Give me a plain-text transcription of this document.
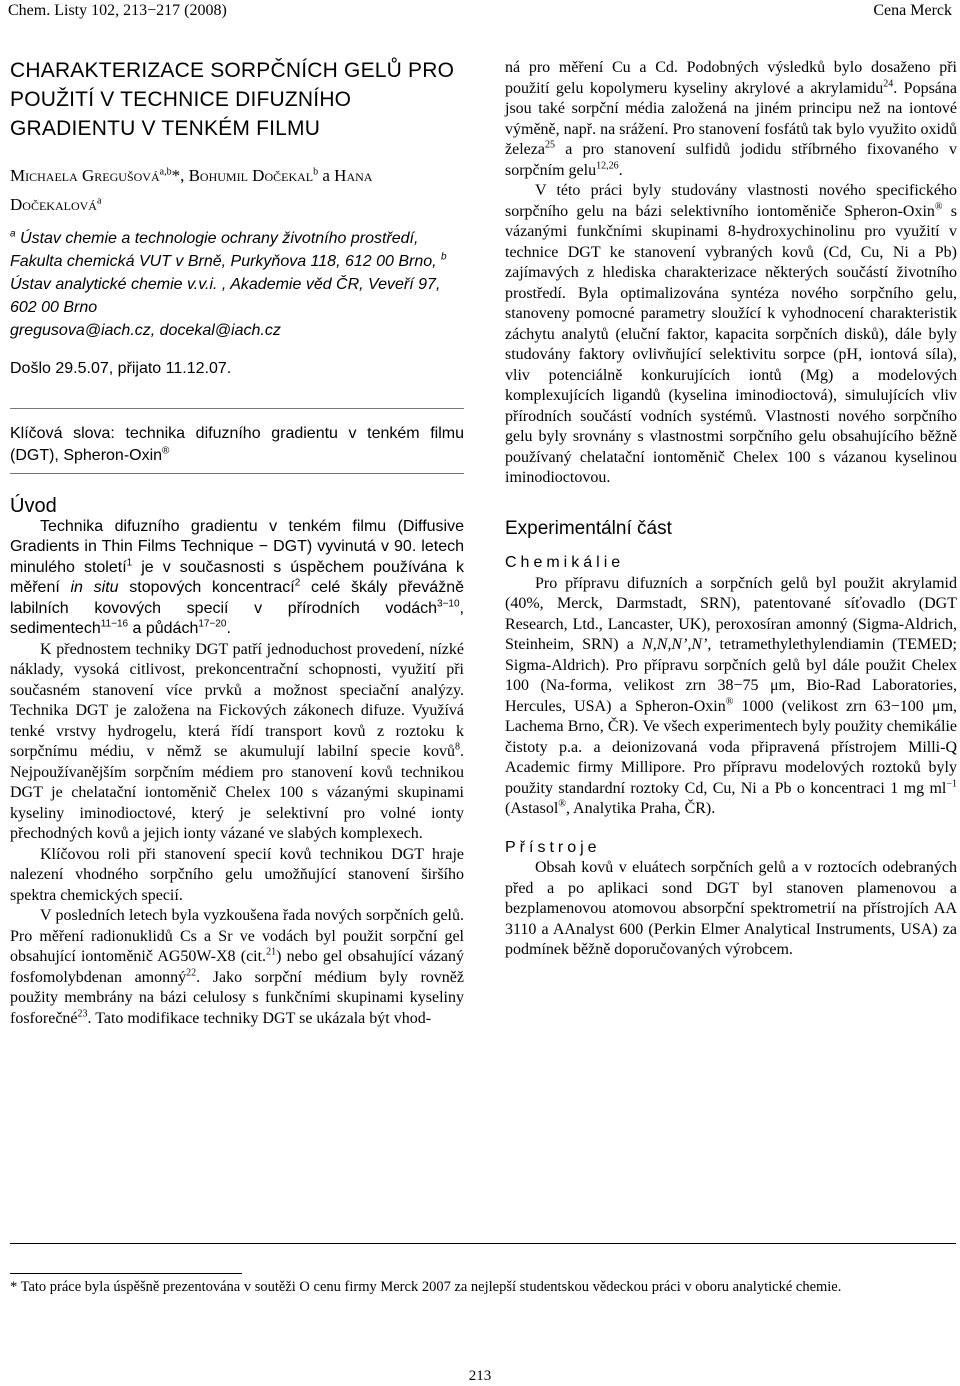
Chem. Listy 102, 213−217 (2008)	Cena Merck
CHARAKTERIZACE SORPČNÍCH GELŮ PRO POUŽITÍ V TECHNICE DIFUZNÍHO GRADIENTU V TENKÉM FILMU
Michaela Gregušová$^{a,b}$*, Bohumil Dočekal$^b$ a Hana Dočekalová$^a$

$^a$ Ústav chemie a technologie ochrany životního prostředí, Fakulta chemická VUT v Brně, Purkyňova 118, 612 00 Brno, $^b$ Ústav analytické chemie v.v.i. , Akademie věd ČR, Veveří 97, 602 00 Brno
gregusova@iach.cz, docekal@iach.cz

Došlo 29.5.07, přijato 11.12.07.
Klíčová slova: technika difuzního gradientu v tenkém filmu (DGT), Spheron-Oxin®
Úvod

Technika difuzního gradientu v tenkém filmu (Diffusive Gradients in Thin Films Technique − DGT) vyvinutá v 90. letech minulého století$^1$ je v současnosti s úspěchem používána k měření in situ stopových koncentrací$^2$ celé škály převážně labilních kovových specií v přírodních vodách$^{3-10}$, sedimentech$^{11-16}$ a půdách$^{17-20}$.

K přednostem techniky DGT patří jednoduchost provedení, nízké náklady, vysoká citlivost, prekoncentrační schopnosti, využití při současném stanovení více prvků a možnost speciační analýzy. Technika DGT je založena na Fickových zákonech difuze. Využívá tenké vrstvy hydrogelu, která řídí transport kovů z roztoku k sorpčnímu médiu, v němž se akumulují labilní specie kovů$^8$. Nejpoužívanějším sorpčním médiem pro stanovení kovů technikou DGT je chelatační iontoměnič Chelex 100 s vázanými skupinami kyseliny iminodioctové, který je selektivní pro volné ionty přechodných kovů a jejich ionty vázané ve slabých komplexech.

Klíčovou roli při stanovení specií kovů technikou DGT hraje nalezení vhodného sorpčního gelu umožňující stanovení širšího spektra chemických specií.

V posledních letech byla vyzkoušena řada nových sorpčních gelů. Pro měření radionuklidů Cs a Sr ve vodách byl použit sorpční gel obsahující iontoměnič AG50W-X8 (cit.$^{21}$) nebo gel obsahující vázaný fosfomolybdenan amonný$^{22}$. Jako sorpční médium byly rovněž použity membrány na bázi celulosy s funkčními skupinami kyseliny fosforečné$^{23}$. Tato modifikace techniky DGT se ukázala být vhod-

ná pro měření Cu a Cd. Podobných výsledků bylo dosaženo při použití gelu kopolymeru kyseliny akrylové a akrylamidu$^{24}$. Popsána jsou také sorpční média založená na jiném principu než na iontové výměně, např. na srážení. Pro stanovení fosfátů tak bylo využito oxidů železa$^{25}$ a pro stanovení sulfidů jodidu stříbrného fixovaného v sorpčním gelu$^{12,26}$.

V této práci byly studovány vlastnosti nového specifického sorpčního gelu na bázi selektivního iontoměniče Spheron-Oxin® s vázanými funkčními skupinami 8-hydroxychinolinu pro využití v technice DGT ke stanovení vybraných kovů (Cd, Cu, Ni a Pb) zajímavých z hlediska charakterizace některých součástí životního prostředí. Byla optimalizována syntéza nového sorpčního gelu, stanoveny pomocné parametry sloužící k vyhodnocení charakteristik záchytu analytů (eluční faktor, kapacita sorpčních disků), dále byly studovány faktory ovlivňující selektivitu sorpce (pH, iontová síla), vliv potenciálně konkurujících iontů (Mg) a modelových komplexujících ligandů (kyselina iminodioctová), simulujících vliv přírodních součástí vodních systémů. Vlastnosti nového sorpčního gelu byly srovnány s vlastnostmi sorpčního gelu obsahujícího běžně používaný chelatační iontoměnič Chelex 100 s vázanou kyselinou iminodioctovou.

Experimentální část
Chemikálie

Pro přípravu difuzních a sorpčních gelů byl použit akrylamid (40%, Merck, Darmstadt, SRN), patentované síťovadlo (DGT Research, Ltd., Lancaster, UK), peroxosíran amonný (Sigma-Aldrich, Steinheim, SRN) a N,N,N’,N’, tetramethylethylendiamin (TEMED; Sigma-Aldrich). Pro přípravu sorpčních gelů byl dále použit Chelex 100 (Na-forma, velikost zrn 38−75 μm, Bio-Rad Laboratories, Hercules, USA) a Spheron-Oxin® 1000 (velikost zrn 63−100 μm, Lachema Brno, ČR). Ve všech experimentech byly použity chemikálie čistoty p.a. a deionizovaná voda připravená přístrojem Milli-Q Academic firmy Millipore. Pro přípravu modelových roztoků byly použity standardní roztoky Cd, Cu, Ni a Pb o koncentraci 1 mg $ml^{-1}$ (Astasol®, Analytika Praha, ČR).

Přístroje

Obsah kovů v eluátech sorpčních gelů a v roztocích odebraných před a po aplikaci sond DGT byl stanoven plamenovou a bezplamenovou atomovou absorpční spektrometrií na přístrojích AA 3110 a AAnalyst 600 (Perkin Elmer Analytical Instruments, USA) za podmínek běžně doporučovaných výrobcem.

* Tato práce byla úspěšně prezentována v soutěži O cenu firmy Merck 2007 za nejlepší studentskou vědeckou práci v oboru analytické chemie.
213
